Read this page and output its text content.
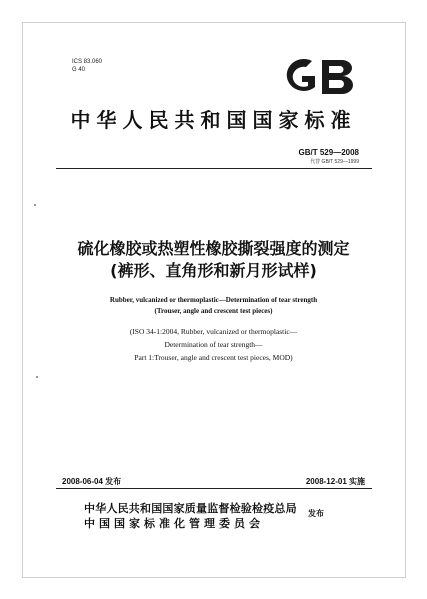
ICS 83.060
G 40
中华人民共和国国家标准
GB/T 529—2008
代替 GB/T 529—1999
硫化橡胶或热塑性橡胶撕裂强度的测定
(裤形、直角形和新月形试样)
Rubber, vulcanized or thermoplastic—Determination of tear strength
(Trouser, angle and crescent test pieces)
(ISO 34-1:2004, Rubber, vulcanized or thermoplastic—
Determination of tear strength—
Part 1:Trouser, angle and crescent test pieces, MOD)
2008-06-04 发布	2008-12-01 实施
中华人民共和国国家质量监督检验检疫总局
中国国家标准化管理委员会
发布
